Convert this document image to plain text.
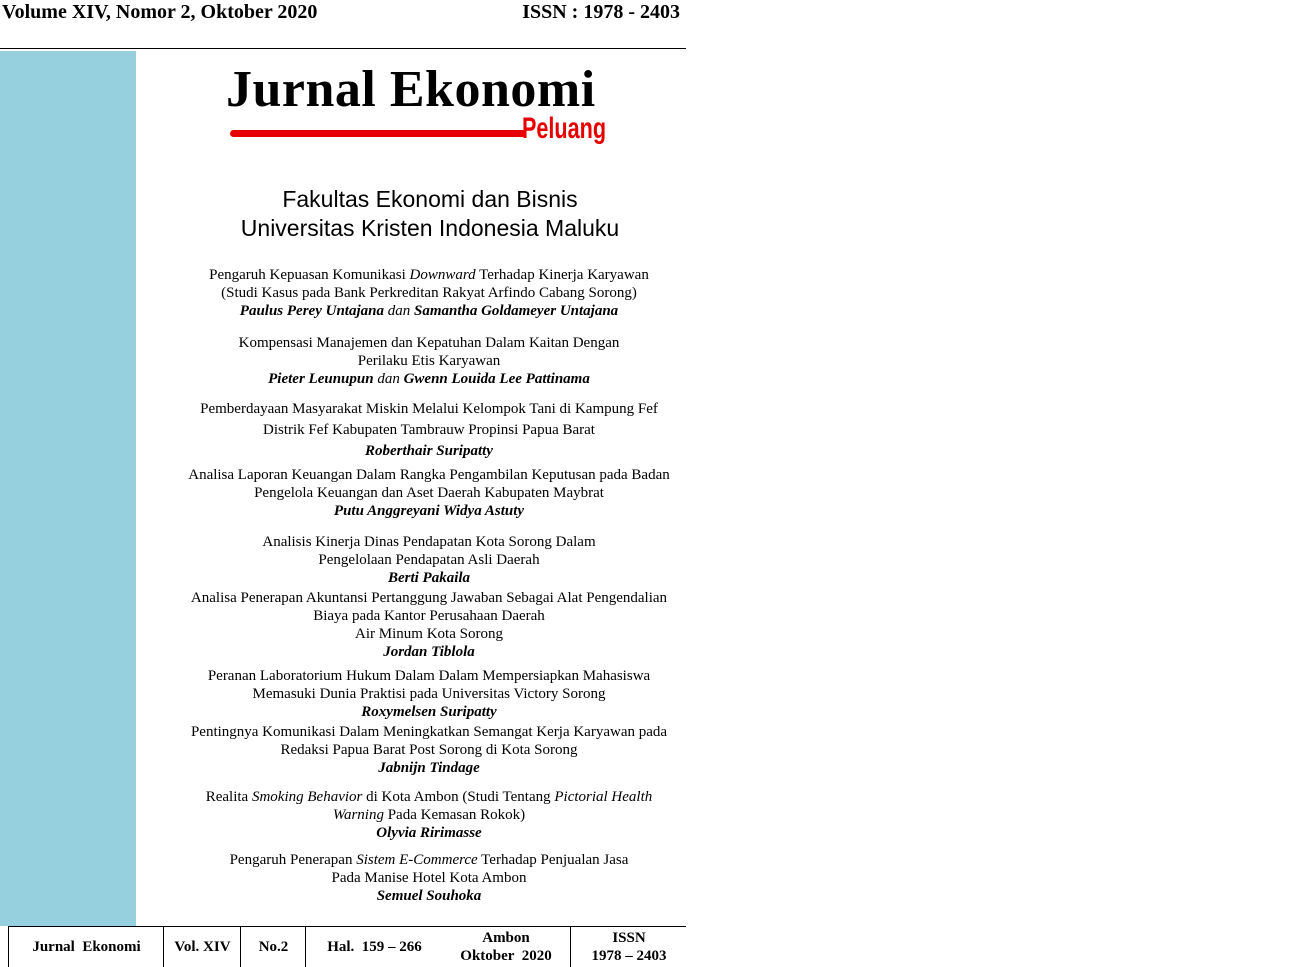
Volume XIV, Nomor 2, Oktober 2020	ISSN : 1978 - 2403
Jurnal Ekonomi
Peluang
Fakultas Ekonomi dan Bisnis
Universitas Kristen Indonesia Maluku
Pengaruh Kepuasan Komunikasi Downward Terhadap Kinerja Karyawan
(Studi Kasus pada Bank Perkreditan Rakyat Arfindo Cabang Sorong)
Paulus Perey Untajana dan Samantha Goldameyer Untajana
Kompensasi Manajemen dan Kepatuhan Dalam Kaitan Dengan
Perilaku Etis Karyawan
Pieter Leunupun dan Gwenn Louida Lee Pattinama
Pemberdayaan Masyarakat Miskin Melalui Kelompok Tani di Kampung Fef
Distrik Fef Kabupaten Tambrauw Propinsi Papua Barat
Roberthair Suripatty
Analisa Laporan Keuangan Dalam Rangka Pengambilan Keputusan pada Badan
Pengelola Keuangan dan Aset Daerah Kabupaten Maybrat
Putu Anggreyani Widya Astuty
Analisis Kinerja Dinas Pendapatan Kota Sorong Dalam
Pengelolaan Pendapatan Asli Daerah
Berti Pakaila
Analisa Penerapan Akuntansi Pertanggung Jawaban Sebagai Alat Pengendalian
Biaya pada Kantor Perusahaan Daerah
Air Minum Kota Sorong
Jordan Tiblola
Peranan Laboratorium Hukum Dalam Dalam Mempersiapkan Mahasiswa
Memasuki Dunia Praktisi pada Universitas Victory Sorong
Roxymelsen Suripatty
Pentingnya Komunikasi Dalam Meningkatkan Semangat Kerja Karyawan pada
Redaksi Papua Barat Post Sorong di Kota Sorong
Jabnijn Tindage
Realita Smoking Behavior di Kota Ambon (Studi Tentang Pictorial Health
Warning Pada Kemasan Rokok)
Olyvia Ririmasse
Pengaruh Penerapan Sistem E-Commerce Terhadap Penjualan Jasa
Pada Manise Hotel Kota Ambon
Semuel Souhoka
Jurnal  Ekonomi Vol. XIV No.2	Hal.  159 – 266
Ambon
Oktober  2020
ISSN
1978 – 2403
